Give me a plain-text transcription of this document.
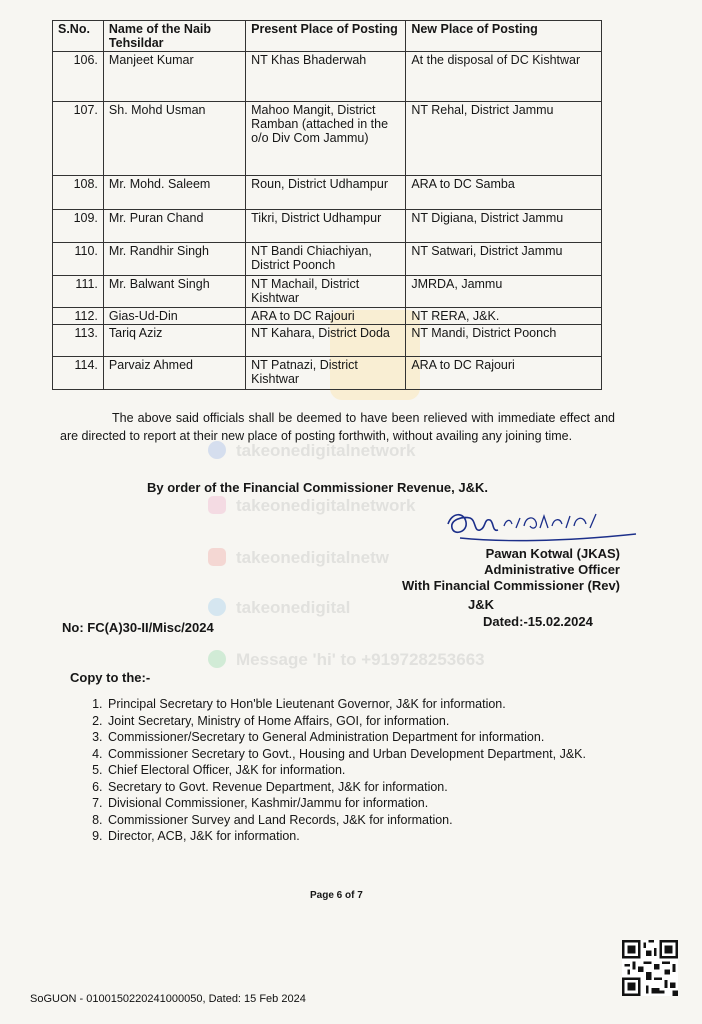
takeonedigitalnetwork
takeonedigitalnetwork
takeonedigitalnetw
takeonedigital
Message 'hi' to +919728253663
S.No.	Name of the Naib Tehsildar	Present Place of Posting	New Place of Posting
106.	Manjeet Kumar	NT Khas Bhaderwah	At the disposal of DC Kishtwar
107.	Sh. Mohd Usman	Mahoo Mangit, District Ramban (attached in the o/o Div Com Jammu)	NT Rehal, District Jammu
108.	Mr. Mohd. Saleem	Roun, District Udhampur	ARA to DC Samba
109.	Mr. Puran Chand	Tikri, District Udhampur	NT Digiana, District Jammu
110.	Mr. Randhir Singh	NT Bandi Chiachiyan, District Poonch	NT Satwari, District Jammu
111.	Mr. Balwant Singh	NT Machail, District Kishtwar	JMRDA, Jammu
112.	Gias-Ud-Din	ARA to DC Rajouri	NT RERA, J&K.
113.	Tariq Aziz	NT Kahara, District Doda	NT Mandi, District Poonch
114.	Parvaiz Ahmed	NT Patnazi, District Kishtwar	ARA to DC Rajouri

The above said officials shall be deemed to have been relieved with immediate effect and are directed to report at their new place of posting forthwith, without availing any joining time.

By order of the Financial Commissioner Revenue, J&K.
Pawan Kotwal (JKAS)
Administrative Officer
With Financial Commissioner (Rev)
J&K
No: FC(A)30-II/Misc/2024	Dated:-15.02.2024
Copy to the:-
1. Principal Secretary to Hon'ble Lieutenant Governor, J&K for information.
2. Joint Secretary, Ministry of Home Affairs, GOI, for information.
3. Commissioner/Secretary to General Administration Department for information.
4. Commissioner Secretary to Govt., Housing and Urban Development Department, J&K.
5. Chief Electoral Officer, J&K for information.
6. Secretary to Govt. Revenue Department, J&K for information.
7. Divisional Commissioner, Kashmir/Jammu for information.
8. Commissioner Survey and Land Records, J&K for information.
9. Director, ACB, J&K for information.
Page 6 of 7
SoGUON - 0100150220241000050, Dated: 15 Feb 2024
